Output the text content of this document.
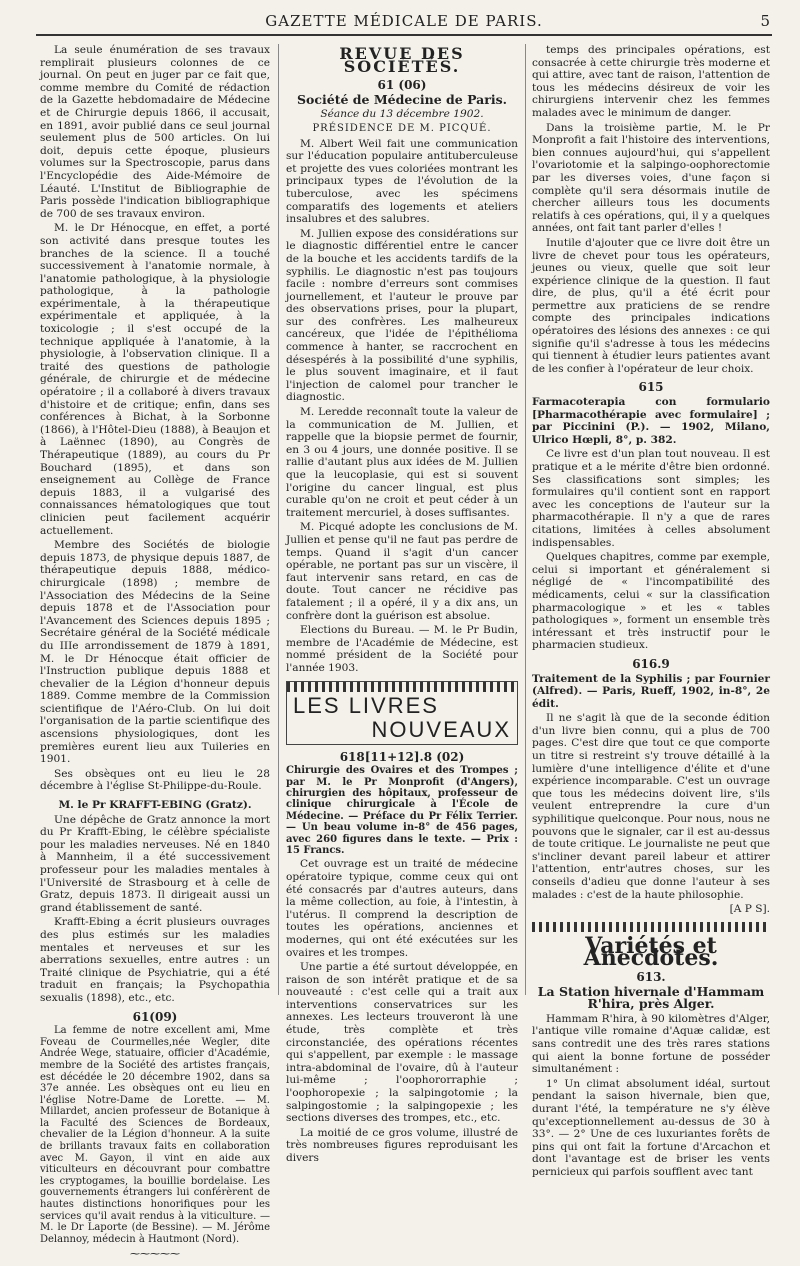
GAZETTE MÉDICALE DE PARIS.	5

La seule énumération de ses travaux remplirait plusieurs colonnes de ce journal. On peut en juger par ce fait que, comme membre du Comité de rédaction de la Gazette hebdomadaire de Médecine et de Chirurgie depuis 1866, il accusait, en 1891, avoir publié dans ce seul journal seulement plus de 500 articles. On lui doit, depuis cette époque, plusieurs volumes sur la Spectroscopie, parus dans l'Encyclopédie des Aide-Mémoire de Léauté. L'Institut de Bibliographie de Paris possède l'indication bibliographique de 700 de ses travaux environ.

M. le Dr Hénocque, en effet, a porté son activité dans presque toutes les branches de la science. Il a touché successivement à l'anatomie normale, à l'anatomie pathologique, à la physiologie pathologique, à la pathologie expérimentale, à la thérapeutique expérimentale et appliquée, à la toxicologie ; il s'est occupé de la technique appliquée à l'anatomie, à la physiologie, à l'observation clinique. Il a traité des questions de pathologie générale, de chirurgie et de médecine opératoire ; il a collaboré à divers travaux d'histoire et de critique; enfin, dans ses conférences à Bichat, à la Sorbonne (1866), à l'Hôtel-Dieu (1888), à Beaujon et à Laënnec (1890), au Congrès de Thérapeutique (1889), au cours du Pr Bouchard (1895), et dans son enseignement au Collège de France depuis 1883, il a vulgarisé des connaissances hématologiques que tout clinicien peut facilement acquérir actuellement.

Membre des Sociétés de biologie depuis 1873, de physique depuis 1887, de thérapeutique depuis 1888, médico-chirurgicale (1898) ; membre de l'Association des Médecins de la Seine depuis 1878 et de l'Association pour l'Avancement des Sciences depuis 1895 ; Secrétaire général de la Société médicale du IIIe arrondissement de 1879 à 1891, M. le Dr Hénocque était officier de l'Instruction publique depuis 1888 et chevalier de la Légion d'honneur depuis 1889. Comme membre de la Commission scientifique de l'Aéro-Club. On lui doit l'organisation de la partie scientifique des ascensions physiologiques, dont les premières eurent lieu aux Tuileries en 1901.

Ses obsèques ont eu lieu le 28 décembre à l'église St-Philippe-du-Roule.

M. le Pr KRAFFT-EBING (Gratz).

Une dépêche de Gratz annonce la mort du Pr Krafft-Ebing, le célèbre spécialiste pour les maladies nerveuses. Né en 1840 à Mannheim, il a été successivement professeur pour les maladies mentales à l'Université de Strasbourg et à celle de Gratz, depuis 1873. Il dirigeait aussi un grand établissement de santé.

Krafft-Ebing a écrit plusieurs ouvrages des plus estimés sur les maladies mentales et nerveuses et sur les aberrations sexuelles, entre autres : un Traité clinique de Psychiatrie, qui a été traduit en français; la Psychopathia sexualis (1898), etc., etc.

61(09)

La femme de notre excellent ami, Mme Foveau de Courmelles,née Wegler, dite Andrée Wege, statuaire, officier d'Académie, membre de la Société des artistes français, est décédée le 20 décembre 1902, dans sa 37e année. Les obsèques ont eu lieu en l'église Notre-Dame de Lorette. — M. Millardet, ancien professeur de Botanique à la Faculté des Sciences de Bordeaux, chevalier de la Légion d'honneur. A la suite de brillants travaux faits en collaboration avec M. Gayon, il vint en aide aux viticulteurs en découvrant pour combattre les cryptogames, la bouillie bordelaise. Les gouvernements étrangers lui conférèrent de hautes distinctions honorifiques pour les services qu'il avait rendus à la viticulture. — M. le Dr Laporte (de Bessine). — M. Jérôme Delannoy, médecin à Hautmont (Nord).

⁓⁓⁓⁓⁓
REVUE DES SOCIÉTÉS.
61 (06)
Société de Médecine de Paris.

Séance du 13 décembre 1902.

PRÉSIDENCE DE M. PICQUÉ.

M. Albert Weil fait une communication sur l'éducation populaire antituberculeuse et projette des vues coloriées montrant les principaux types de l'évolution de la tuberculose, avec les spécimens comparatifs des logements et ateliers insalubres et des salubres.

M. Jullien expose des considérations sur le diagnostic différentiel entre le cancer de la bouche et les accidents tardifs de la syphilis. Le diagnostic n'est pas toujours facile : nombre d'erreurs sont commises journellement, et l'auteur le prouve par des observations prises, pour la plupart, sur des confrères. Les malheureux cancéreux, que l'idée de l'épithélioma commence à hanter, se raccrochent en désespérés à la possibilité d'une syphilis, le plus souvent imaginaire, et il faut l'injection de calomel pour trancher le diagnostic.

M. Leredde reconnaît toute la valeur de la communication de M. Jullien, et rappelle que la biopsie permet de fournir, en 3 ou 4 jours, une donnée positive. Il se rallie d'autant plus aux idées de M. Jullien que la leucoplasie, qui est si souvent l'origine du cancer lingual, est plus curable qu'on ne croit et peut céder à un traitement mercuriel, à doses suffisantes.

M. Picqué adopte les conclusions de M. Jullien et pense qu'il ne faut pas perdre de temps. Quand il s'agit d'un cancer opérable, ne portant pas sur un viscère, il faut intervenir sans retard, en cas de doute. Tout cancer ne récidive pas fatalement ; il a opéré, il y a dix ans, un confrère dont la guérison est absolue.

Elections du Bureau. — M. le Pr Budin, membre de l'Académie de Médecine, est nommé président de la Société pour l'année 1903.

LES LIVRES
NOUVEAUX
618[11+12].8 (02)

Chirurgie des Ovaires et des Trompes ; par M. le Pr Monprofit (d'Angers), chirurgien des hôpitaux, professeur de clinique chirurgicale à l'École de Médecine. — Préface du Pr Félix Terrier. — Un beau volume in-8° de 456 pages, avec 260 figures dans le texte. — Prix : 15 Francs.

Cet ouvrage est un traité de médecine opératoire typique, comme ceux qui ont été consacrés par d'autres auteurs, dans la même collection, au foie, à l'intestin, à l'utérus. Il comprend la description de toutes les opérations, anciennes et modernes, qui ont été exécutées sur les ovaires et les trompes.

Une partie a été surtout développée, en raison de son intérêt pratique et de sa nouveauté : c'est celle qui a trait aux interventions conservatrices sur les annexes. Les lecteurs trouveront là une étude, très complète et très circonstanciée, des opérations récentes qui s'appellent, par exemple : le massage intra-abdominal de l'ovaire, dû à l'auteur lui-même ; l'oophororraphie ; l'oophoropexie ; la salpingotomie ; la salpingostomie ; la salpingopexie ; les sections diverses des trompes, etc., etc.

La moitié de ce gros volume, illustré de très nombreuses figures reproduisant les divers

temps des principales opérations, est consacrée à cette chirurgie très moderne et qui attire, avec tant de raison, l'attention de tous les médecins désireux de voir les chirurgiens intervenir chez les femmes malades avec le minimum de danger.

Dans la troisième partie, M. le Pr Monprofit a fait l'histoire des interventions, bien connues aujourd'hui, qui s'appellent l'ovariotomie et la salpingo-oophorectomie par les diverses voies, d'une façon si complète qu'il sera désormais inutile de chercher ailleurs tous les documents relatifs à ces opérations, qui, il y a quelques années, ont fait tant parler d'elles !

Inutile d'ajouter que ce livre doit être un livre de chevet pour tous les opérateurs, jeunes ou vieux, quelle que soit leur expérience clinique de la question. Il faut dire, de plus, qu'il a été écrit pour permettre aux praticiens de se rendre compte des principales indications opératoires des lésions des annexes : ce qui signifie qu'il s'adresse à tous les médecins qui tiennent à étudier leurs patientes avant de les confier à l'opérateur de leur choix.

615

Farmacoterapia con formulario [Pharmacothérapie avec formulaire] ; par Piccinini (P.). — 1902, Milano, Ulrico Hœpli, 8°, p. 382.

Ce livre est d'un plan tout nouveau. Il est pratique et a le mérite d'être bien ordonné. Ses classifications sont simples; les formulaires qu'il contient sont en rapport avec les conceptions de l'auteur sur la pharmacothérapie. Il n'y a que de rares citations, limitées à celles absolument indispensables.

Quelques chapitres, comme par exemple, celui si important et généralement si négligé de « l'incompatibilité des médicaments, celui « sur la classification pharmacologique » et les « tables pathologiques », forment un ensemble très intéressant et très instructif pour le pharmacien studieux.

616.9

Traitement de la Syphilis ; par Fournier (Alfred). — Paris, Rueff, 1902, in-8°, 2e édit.

Il ne s'agit là que de la seconde édition d'un livre bien connu, qui a plus de 700 pages. C'est dire que tout ce que comporte un titre si restreint s'y trouve détaillé à la lumière d'une intelligence d'élite et d'une expérience incomparable. C'est un ouvrage que tous les médecins doivent lire, s'ils veulent entreprendre la cure d'un syphilitique quelconque. Pour nous, nous ne pouvons que le signaler, car il est au-dessus de toute critique. Le journaliste ne peut que s'incliner devant pareil labeur et attirer l'attention, entr'autres choses, sur les conseils d'adieu que donne l'auteur à ses malades : c'est de la haute philosophie.

[A P S].

Variétés et Anecdotes.
613.
La Station hivernale d'Hammam R'hira, près Alger.

Hammam R'hira, à 90 kilomètres d'Alger, l'antique ville romaine d'Aquæ calidæ, est sans contredit une des très rares stations qui aient la bonne fortune de posséder simultanément :

1° Un climat absolument idéal, surtout pendant la saison hivernale, bien que, durant l'été, la température ne s'y élève qu'exceptionnellement au-dessus de 30 à 33°. — 2° Une de ces luxuriantes forêts de pins qui ont fait la fortune d'Arcachon et dont l'avantage est de briser les vents pernicieux qui parfois soufflent avec tant
